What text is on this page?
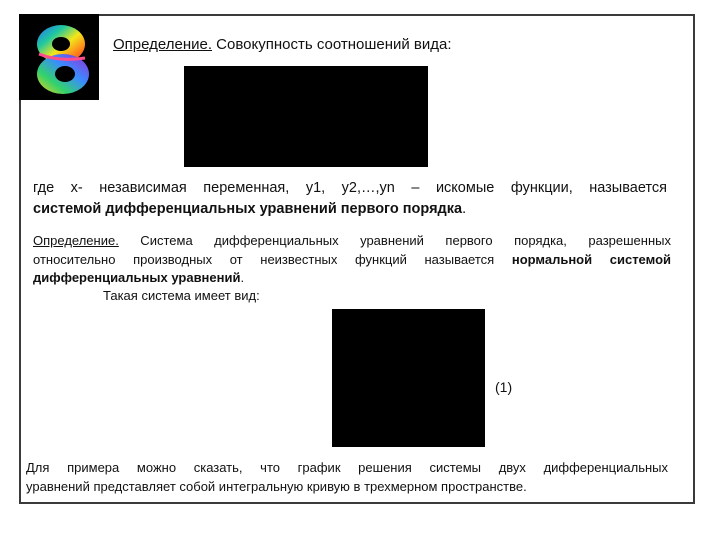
Определение. Совокупность соотношений вида:
где x- независимая переменная, y1, y2,…,yn – искомые функции, называется
системой дифференциальных уравнений первого порядка.
Определение. Система дифференциальных уравнений первого порядка, разрешенных
относительно производных от неизвестных функций называется нормальной системой
дифференциальных уравнений.
Такая система имеет вид:
(1)
Для примера можно сказать, что график решения системы двух дифференциальных
уравнений представляет собой интегральную кривую в трехмерном пространстве.
